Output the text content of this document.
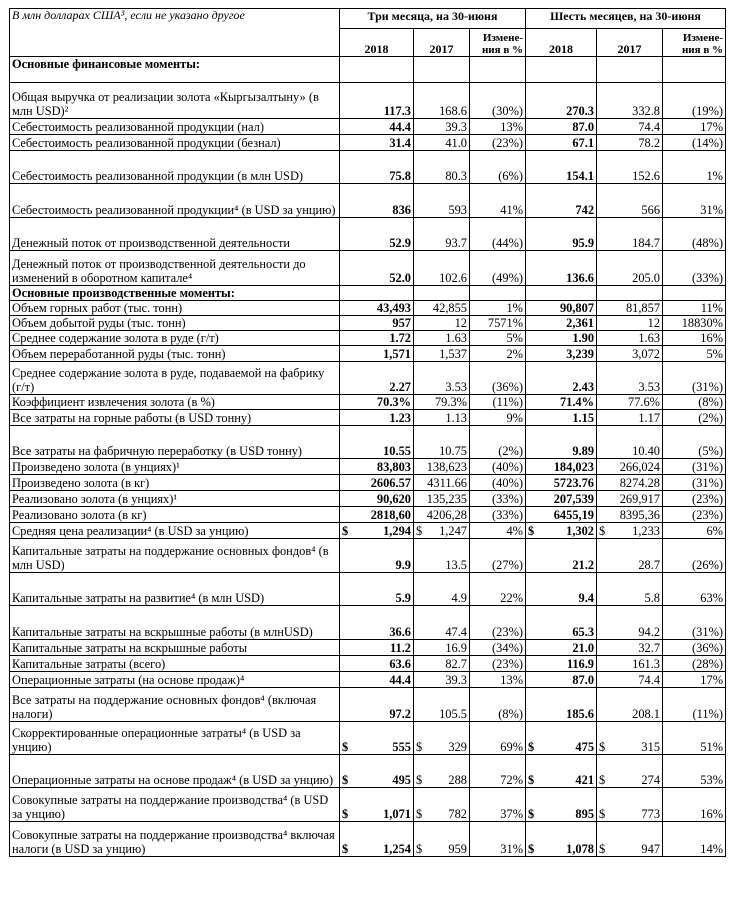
В млн долларах США³, если не указано другое	Три месяца, на 30-июня			Шесть месяцев, на 30-июня		
	2018	2017	Измене-ния в %	2018	2017	Измене-ния в %
Основные финансовые моменты:						
Общая выручка от реализации золота «Кыргызалтыну» (в млн USD)²	117.3	168.6	(30%)	270.3	332.8	(19%)
Себестоимость реализованной продукции (нал)	44.4	39.3	13%	87.0	74.4	17%
Себестоимость реализованной продукции (безнал)	31.4	41.0	(23%)	67.1	78.2	(14%)
Себестоимость реализованной продукции (в млн USD)	75.8	80.3	(6%)	154.1	152.6	1%
Себестоимость реализованной продукции⁴ (в USD за унцию)	836	593	41%	742	566	31%
Денежный поток от производственной деятельности	52.9	93.7	(44%)	95.9	184.7	(48%)
Денежный поток от производственной деятельности до изменений в оборотном капитале⁴	52.0	102.6	(49%)	136.6	205.0	(33%)
Основные производственные моменты:						
Объем горных работ (тыс. тонн)	43,493	42,855	1%	90,807	81,857	11%
Объем добытой руды (тыс. тонн)	957	12	7571%	2,361	12	18830%
Среднее содержание золота в руде (г/т)	1.72	1.63	5%	1.90	1.63	16%
Объем переработанной руды (тыс. тонн)	1,571	1,537	2%	3,239	3,072	5%
Среднее содержание золота в руде, подаваемой на фабрику (г/т)	2.27	3.53	(36%)	2.43	3.53	(31%)
Коэффициент извлечения золота (в %)	70.3%	79.3%	(11%)	71.4%	77.6%	(8%)
Все затраты на горные работы (в USD тонну)	1.23	1.13	9%	1.15	1.17	(2%)
Все затраты на фабричную переработку (в USD тонну)	10.55	10.75	(2%)	9.89	10.40	(5%)
Произведено золота (в унциях)¹	83,803	138,623	(40%)	184,023	266,024	(31%)
Произведено золота (в кг)	2606.57	4311.66	(40%)	5723.76	8274.28	(31%)
Реализовано золота (в унциях)¹	90,620	135,235	(33%)	207,539	269,917	(23%)
Реализовано золота (в кг)	2818,60	4206,28	(33%)	6455,19	8395,36	(23%)
Средняя цена реализации⁴ (в USD за унцию)	$ 1,294	$ 1,247	4%	$ 1,302	$ 1,233	6%
Капитальные затраты на поддержание основных фондов⁴ (в млн USD)	9.9	13.5	(27%)	21.2	28.7	(26%)
Капитальные затраты на развитие⁴ (в млн USD)	5.9	4.9	22%	9.4	5.8	63%
Капитальные затраты на вскрышные работы (в млнUSD)	36.6	47.4	(23%)	65.3	94.2	(31%)
Капитальные затраты на вскрышные работы	11.2	16.9	(34%)	21.0	32.7	(36%)
Капитальные затраты (всего)	63.6	82.7	(23%)	116.9	161.3	(28%)
Операционные затраты (на основе продаж)⁴	44.4	39.3	13%	87.0	74.4	17%
Все затраты на поддержание основных фондов⁴ (включая налоги)	97.2	105.5	(8%)	185.6	208.1	(11%)
Скорректированные операционные затраты⁴ (в USD за унцию)	$ 555	$ 329	69%	$ 475	$ 315	51%
Операционные затраты на основе продаж⁴ (в USD за унцию)	$ 495	$ 288	72%	$ 421	$ 274	53%
Совокупные затраты на поддержание производства⁴ (в USD за унцию)	$ 1,071	$ 782	37%	$ 895	$ 773	16%
Совокупные затраты на поддержание производства⁴ включая налоги (в USD за унцию)	$ 1,254	$ 959	31%	$ 1,078	$ 947	14%
